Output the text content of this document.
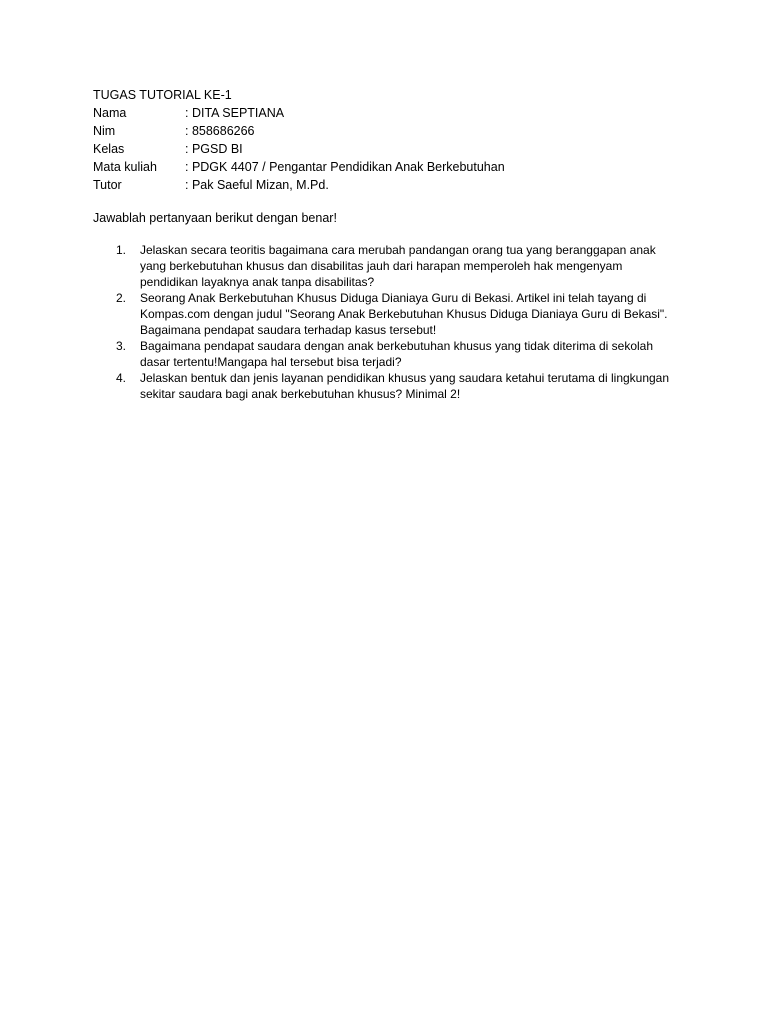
TUGAS TUTORIAL KE-1
Nama	: DITA SEPTIANA
Nim	: 858686266
Kelas	: PGSD BI
Mata kuliah	: PDGK 4407 / Pengantar Pendidikan Anak Berkebutuhan
Tutor	: Pak Saeful Mizan, M.Pd.

Jawablah pertanyaan berikut dengan benar!

1.	Jelaskan secara teoritis bagaimana cara merubah pandangan orang tua yang beranggapan anak yang berkebutuhan khusus dan disabilitas jauh dari harapan memperoleh hak mengenyam pendidikan layaknya anak tanpa disabilitas?
2.	Seorang Anak Berkebutuhan Khusus Diduga Dianiaya Guru di Bekasi. Artikel ini telah tayang di Kompas.com dengan judul "Seorang Anak Berkebutuhan Khusus Diduga Dianiaya Guru di Bekasi". Bagaimana pendapat saudara terhadap kasus tersebut!
3.	Bagaimana pendapat saudara dengan anak berkebutuhan khusus yang tidak diterima di sekolah dasar tertentu!Mangapa hal tersebut bisa terjadi?
4.	Jelaskan bentuk dan jenis layanan pendidikan khusus yang saudara ketahui terutama di lingkungan sekitar saudara bagi anak berkebutuhan khusus? Minimal 2!
